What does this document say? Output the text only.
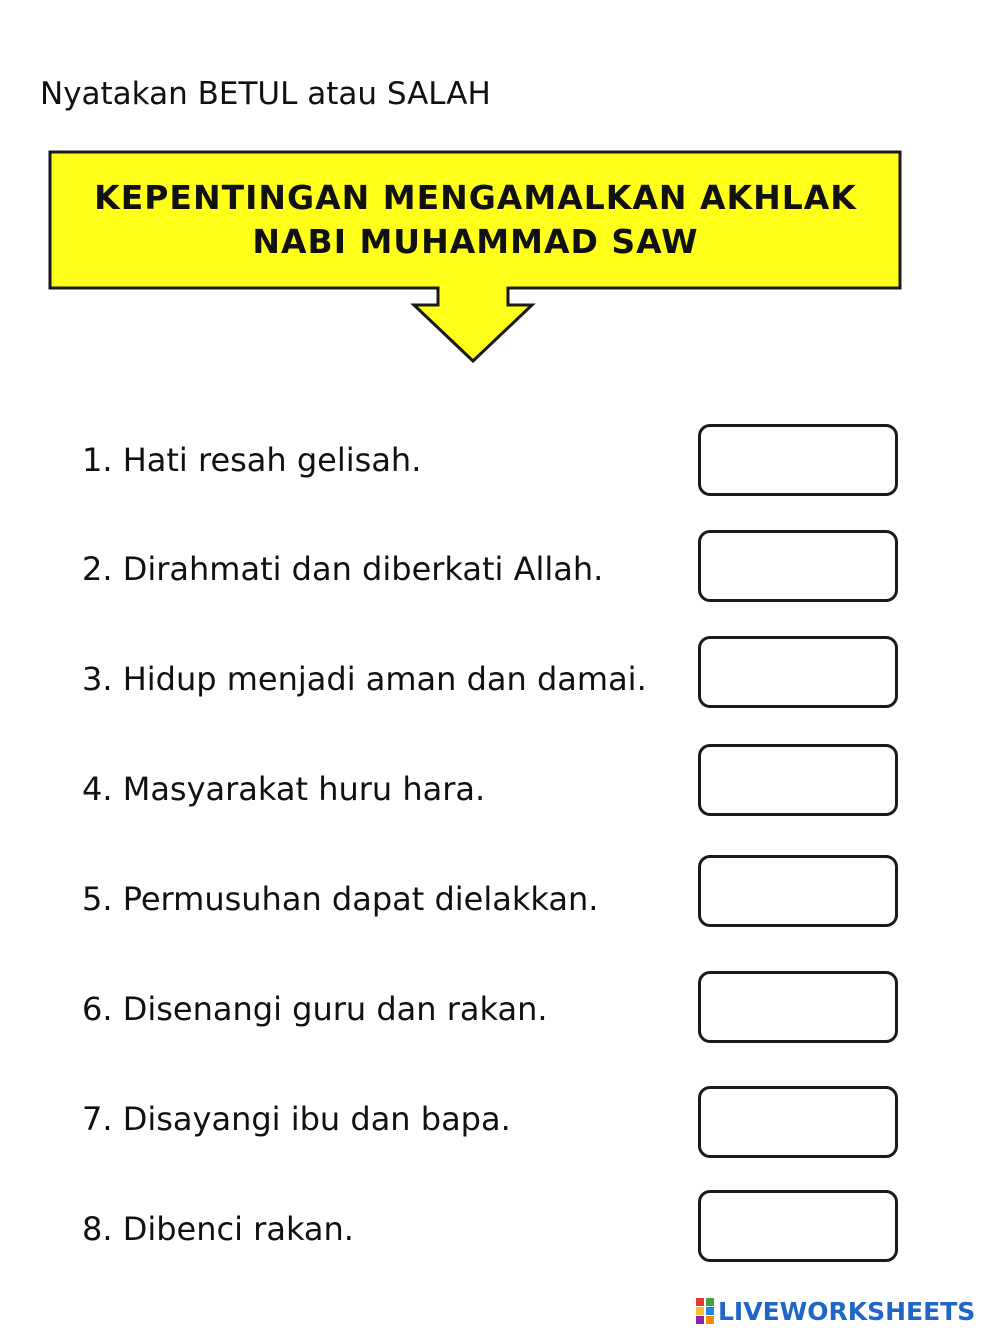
Nyatakan BETUL atau SALAH
KEPENTINGAN MENGAMALKAN AKHLAK
NABI MUHAMMAD SAW
1. Hati resah gelisah.
2. Dirahmati dan diberkati Allah.
3. Hidup menjadi aman dan damai.
4. Masyarakat huru hara.
5. Permusuhan dapat dielakkan.
6. Disenangi guru dan rakan.
7. Disayangi ibu dan bapa.
8. Dibenci rakan.
LIVEWORKSHEETS
